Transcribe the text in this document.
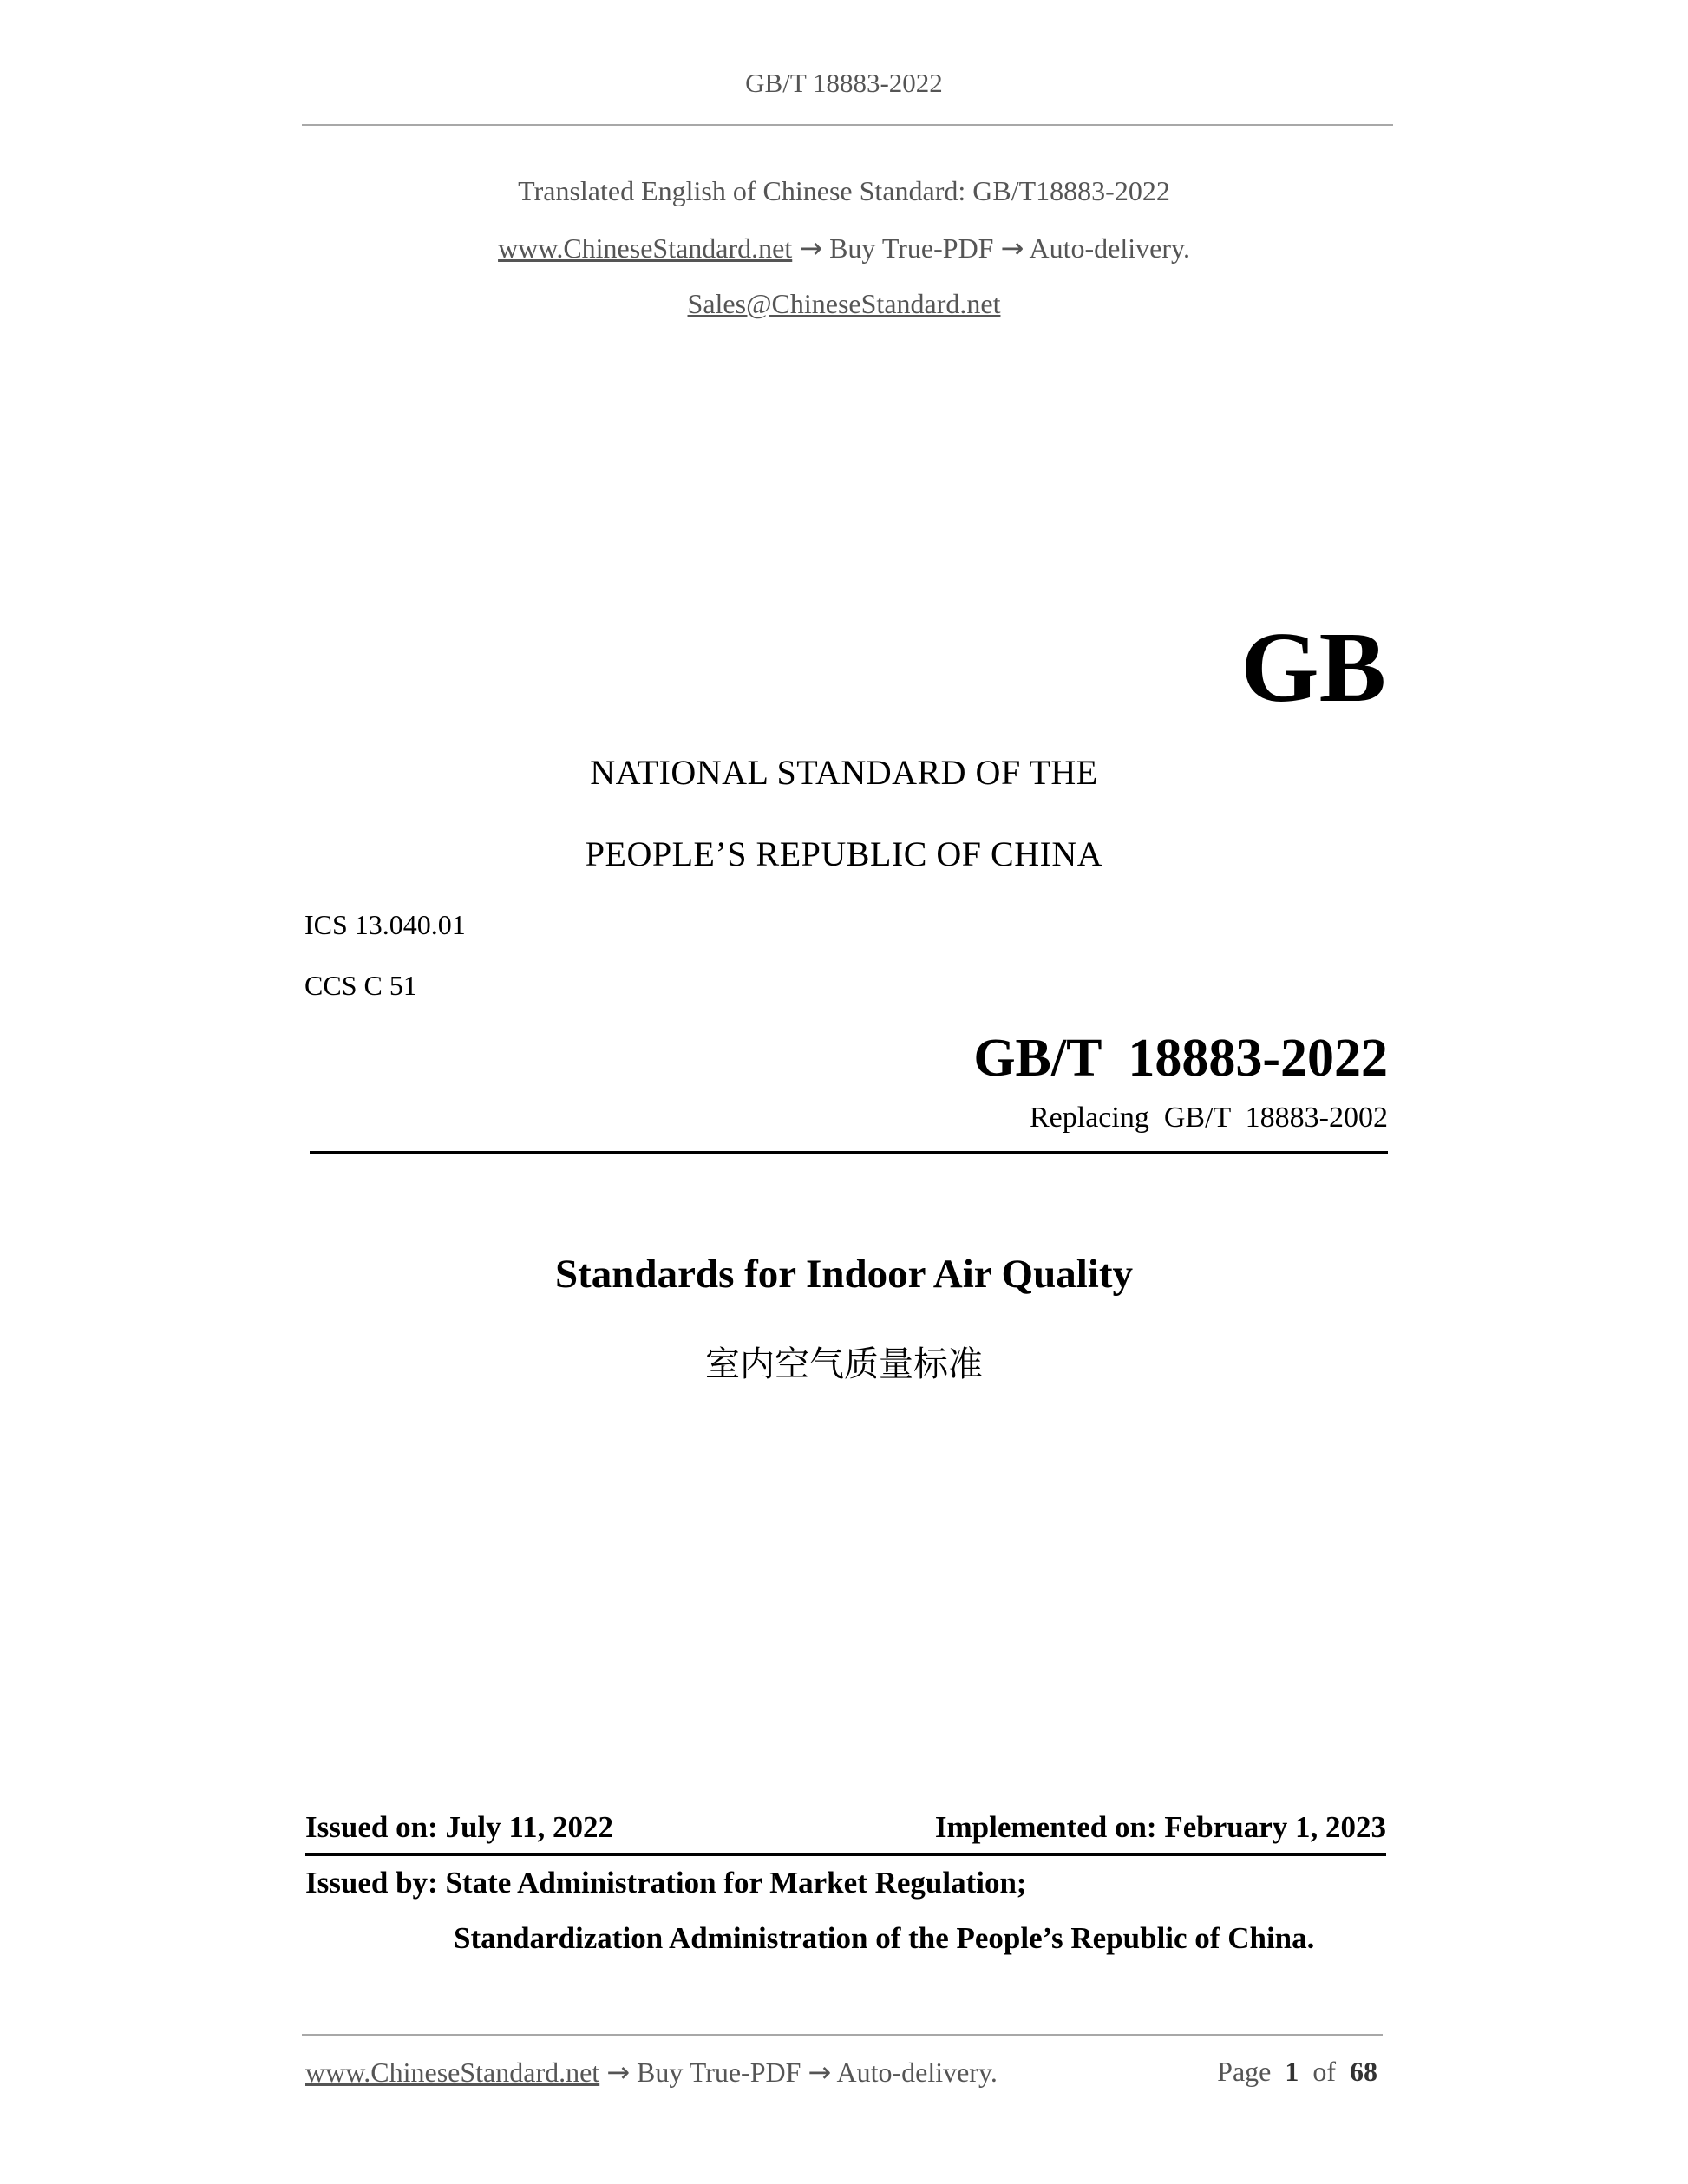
GB/T 18883-2022
Translated English of Chinese Standard: GB/T18883-2022
www.ChineseStandard.net → Buy True-PDF → Auto-delivery.
Sales@ChineseStandard.net
GB
NATIONAL STANDARD OF THE
PEOPLE’S REPUBLIC OF CHINA
ICS 13.040.01
CCS C 51
GB/T  18883-2022
Replacing  GB/T  18883-2002
Standards for Indoor Air Quality
室内空气质量标准
Issued on: July 11, 2022	Implemented on: February 1, 2023
Issued by: State Administration for Market Regulation;
Standardization Administration of the People’s Republic of China.
www.ChineseStandard.net → Buy True-PDF → Auto-delivery.	Page 1 of 68
